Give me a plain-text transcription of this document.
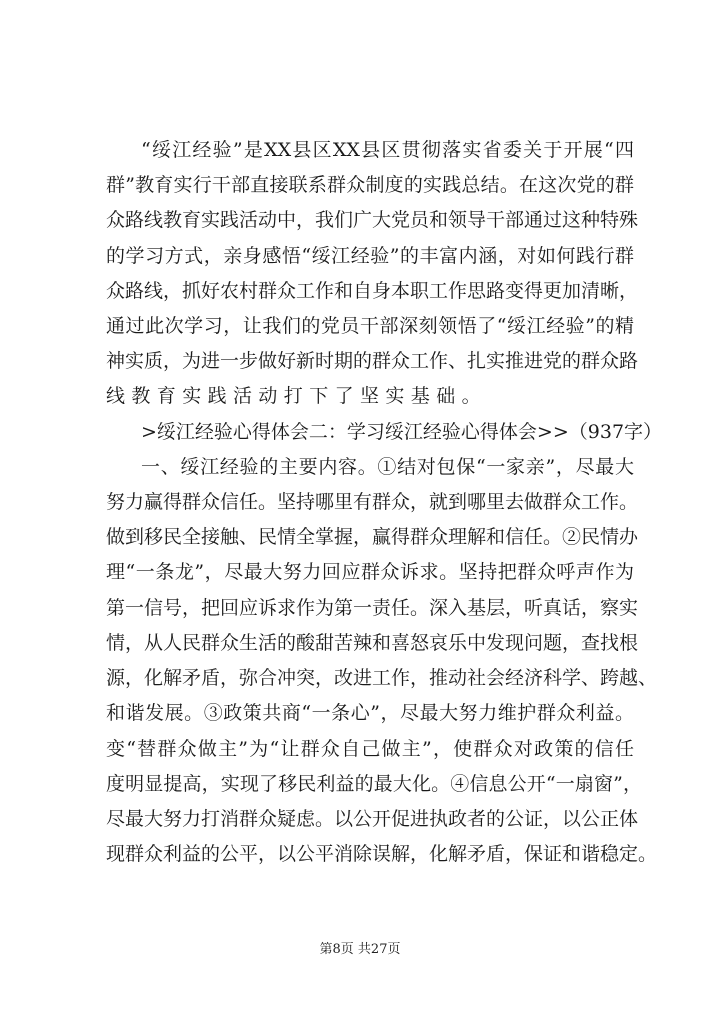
“绥江经验”是XX县区XX县区贯彻落实省委关于开展“四
群”教育实行干部直接联系群众制度的实践总结。在这次党的群
众路线教育实践活动中，我们广大党员和领导干部通过这种特殊
的学习方式，亲身感悟“绥江经验”的丰富内涵，对如何践行群
众路线，抓好农村群众工作和自身本职工作思路变得更加清晰，
通过此次学习，让我们的党员干部深刻领悟了“绥江经验”的精
神实质，为进一步做好新时期的群众工作、扎实推进党的群众路
线教育实践活动打下了坚实基础。
>绥江经验心得体会二：学习绥江经验心得体会>>（937字）
一、绥江经验的主要内容。①结对包保“一家亲”，尽最大
努力赢得群众信任。坚持哪里有群众，就到哪里去做群众工作。
做到移民全接触、民情全掌握，赢得群众理解和信任。②民情办
理“一条龙”，尽最大努力回应群众诉求。坚持把群众呼声作为
第一信号，把回应诉求作为第一责任。深入基层，听真话，察实
情，从人民群众生活的酸甜苦辣和喜怒哀乐中发现问题，查找根
源，化解矛盾，弥合冲突，改进工作，推动社会经济科学、跨越、
和谐发展。③政策共商“一条心”，尽最大努力维护群众利益。
变“替群众做主”为“让群众自己做主”，使群众对政策的信任
度明显提高，实现了移民利益的最大化。④信息公开“一扇窗”，
尽最大努力打消群众疑虑。以公开促进执政者的公证，以公正体
现群众利益的公平，以公平消除误解，化解矛盾，保证和谐稳定。
第8页 共27页
